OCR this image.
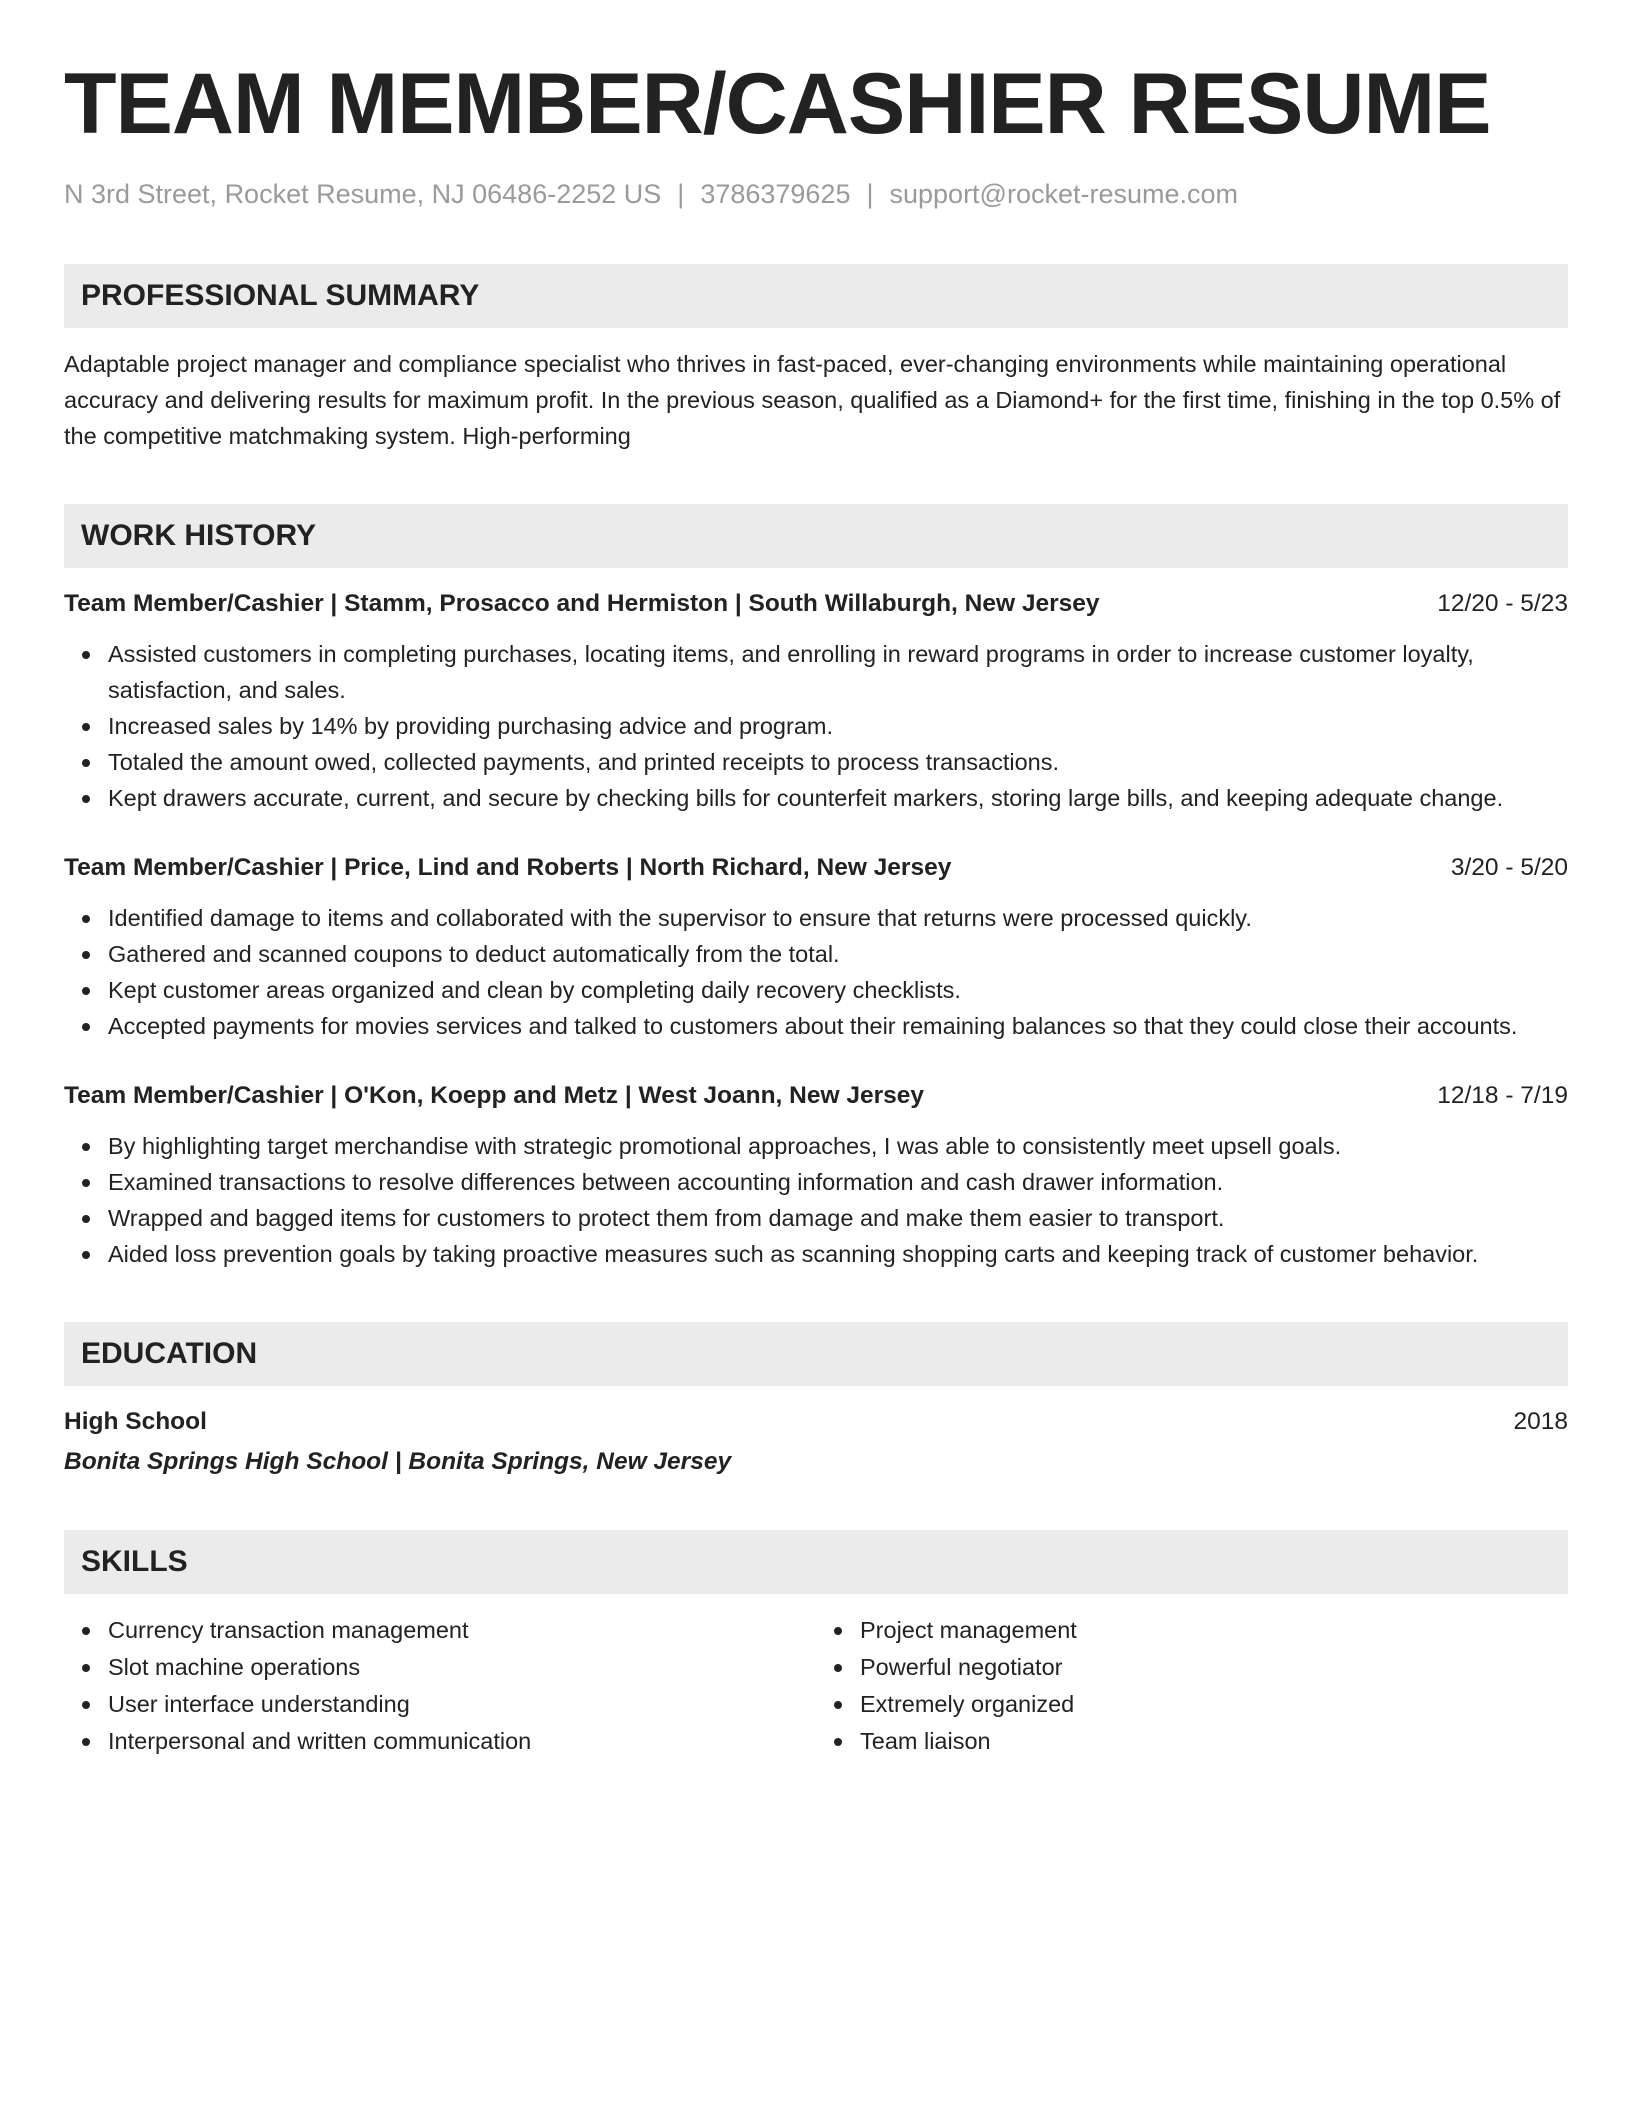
TEAM MEMBER/CASHIER RESUME
N 3rd Street, Rocket Resume, NJ 06486-2252 US | 3786379625 | support@rocket-resume.com
PROFESSIONAL SUMMARY
Adaptable project manager and compliance specialist who thrives in fast-paced, ever-changing environments while maintaining operational accuracy and delivering results for maximum profit. In the previous season, qualified as a Diamond+ for the first time, finishing in the top 0.5% of the competitive matchmaking system. High-performing
WORK HISTORY
Team Member/Cashier | Stamm, Prosacco and Hermiston | South Willaburgh, New Jersey	12/20 - 5/23
Assisted customers in completing purchases, locating items, and enrolling in reward programs in order to increase customer loyalty, satisfaction, and sales.
Increased sales by 14% by providing purchasing advice and program.
Totaled the amount owed, collected payments, and printed receipts to process transactions.
Kept drawers accurate, current, and secure by checking bills for counterfeit markers, storing large bills, and keeping adequate change.
Team Member/Cashier | Price, Lind and Roberts | North Richard, New Jersey	3/20 - 5/20
Identified damage to items and collaborated with the supervisor to ensure that returns were processed quickly.
Gathered and scanned coupons to deduct automatically from the total.
Kept customer areas organized and clean by completing daily recovery checklists.
Accepted payments for movies services and talked to customers about their remaining balances so that they could close their accounts.
Team Member/Cashier | O'Kon, Koepp and Metz | West Joann, New Jersey	12/18 - 7/19
By highlighting target merchandise with strategic promotional approaches, I was able to consistently meet upsell goals.
Examined transactions to resolve differences between accounting information and cash drawer information.
Wrapped and bagged items for customers to protect them from damage and make them easier to transport.
Aided loss prevention goals by taking proactive measures such as scanning shopping carts and keeping track of customer behavior.
EDUCATION
High School	2018
Bonita Springs High School | Bonita Springs, New Jersey
SKILLS
Currency transaction management
Slot machine operations
User interface understanding
Interpersonal and written communication
Project management
Powerful negotiator
Extremely organized
Team liaison
